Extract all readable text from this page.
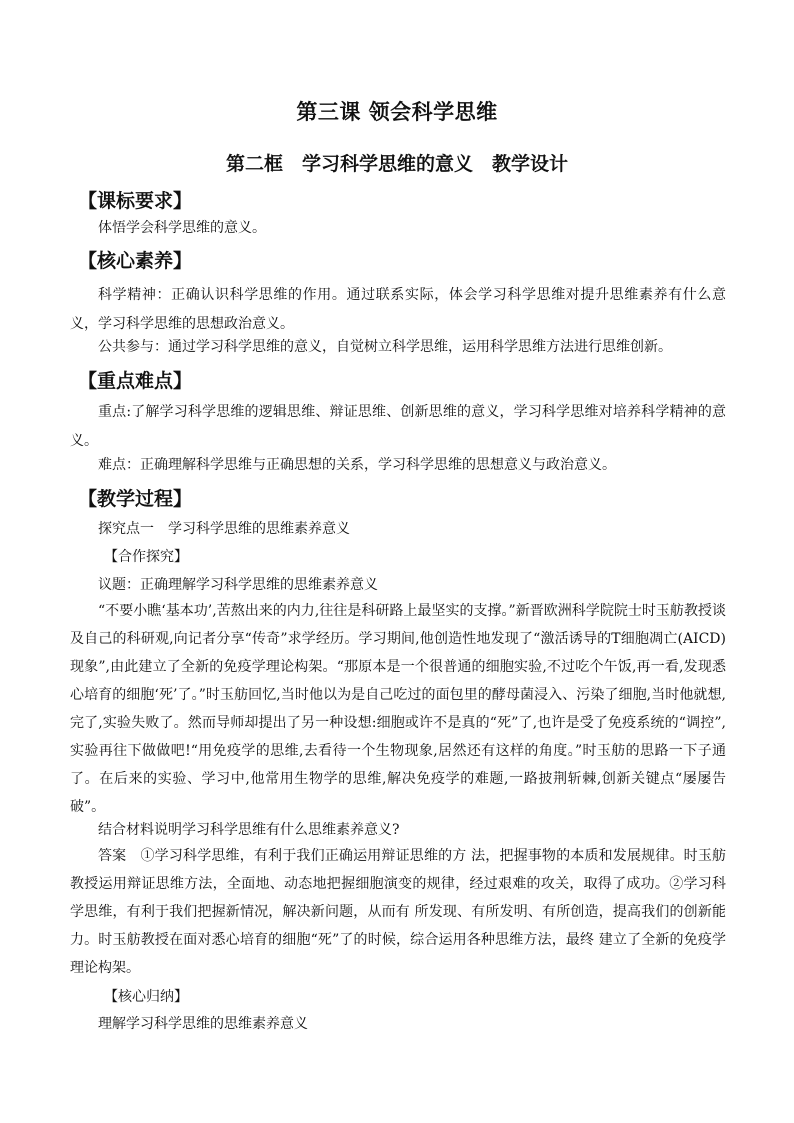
第三课 领会科学思维
第二框　学习科学思维的意义　教学设计
【课标要求】
体悟学会科学思维的意义。
【核心素养】
科学精神：正确认识科学思维的作用。通过联系实际，体会学习科学思维对提升思维素养有什么意义，学习科学思维的思想政治意义。
公共参与：通过学习科学思维的意义，自觉树立科学思维，运用科学思维方法进行思维创新。
【重点难点】
重点:了解学习科学思维的逻辑思维、辩证思维、创新思维的意义，学习科学思维对培养科学精神的意义。
难点：正确理解科学思维与正确思想的关系，学习科学思维的思想意义与政治意义。
【教学过程】
探究点一　学习科学思维的思维素养意义
【合作探究】
议题：正确理解学习科学思维的思维素养意义
“不要小瞧‘基本功’,苦熬出来的内力,往往是科研路上最坚实的支撑。”新晋欧洲科学院院士时玉舫教授谈及自己的科研观,向记者分享“传奇”求学经历。学习期间,他创造性地发现了“激活诱导的T细胞凋亡(AICD)现象”,由此建立了全新的免疫学理论构架。“那原本是一个很普通的细胞实验,不过吃个午饭,再一看,发现悉心培育的细胞‘死’了。”时玉舫回忆,当时他以为是自己吃过的面包里的酵母菌浸入、污染了细胞,当时他就想,完了,实验失败了。然而导师却提出了另一种设想:细胞或许不是真的“死”了,也许是受了免疫系统的“调控”,实验再往下做做吧!“用免疫学的思维,去看待一个生物现象,居然还有这样的角度。”时玉舫的思路一下子通了。在后来的实验、学习中,他常用生物学的思维,解决免疫学的难题,一路披荆斩棘,创新关键点“屡屡告破”。
结合材料说明学习科学思维有什么思维素养意义?
答案　①学习科学思维，有利于我们正确运用辩证思维的方 法，把握事物的本质和发展规律。时玉舫教授运用辩证思维方法，全面地、动态地把握细胞演变的规律，经过艰难的攻关，取得了成功。②学习科学思维，有利于我们把握新情况，解决新问题，从而有 所发现、有所发明、有所创造，提高我们的创新能力。时玉舫教授在面对悉心培育的细胞“死”了的时候，综合运用各种思维方法，最终 建立了全新的免疫学理论构架。
【核心归纳】
理解学习科学思维的思维素养意义
